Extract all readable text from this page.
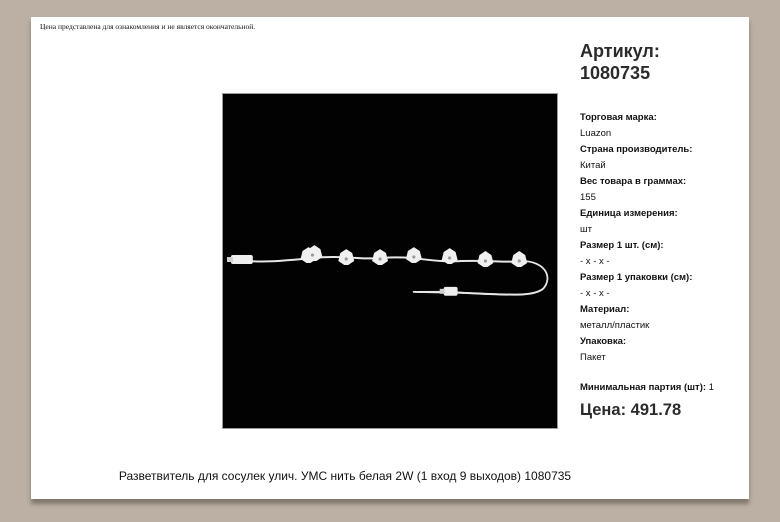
Цена представлена для ознакомления и не является окончательной.
Артикул:
1080735
Торговая марка:
Luazon
Страна производитель:
Китай
Вес товара в граммах:
155
Единица измерения:
шт
Размер 1 шт. (см):
- x - x -
Размер 1 упаковки (см):
- x - x -
Материал:
металл/пластик
Упаковка:
Пакет
Минимальная партия (шт): 1
Цена: 491.78
Разветвитель для сосулек улич. УМС нить белая 2W (1 вход 9 выходов) 1080735
